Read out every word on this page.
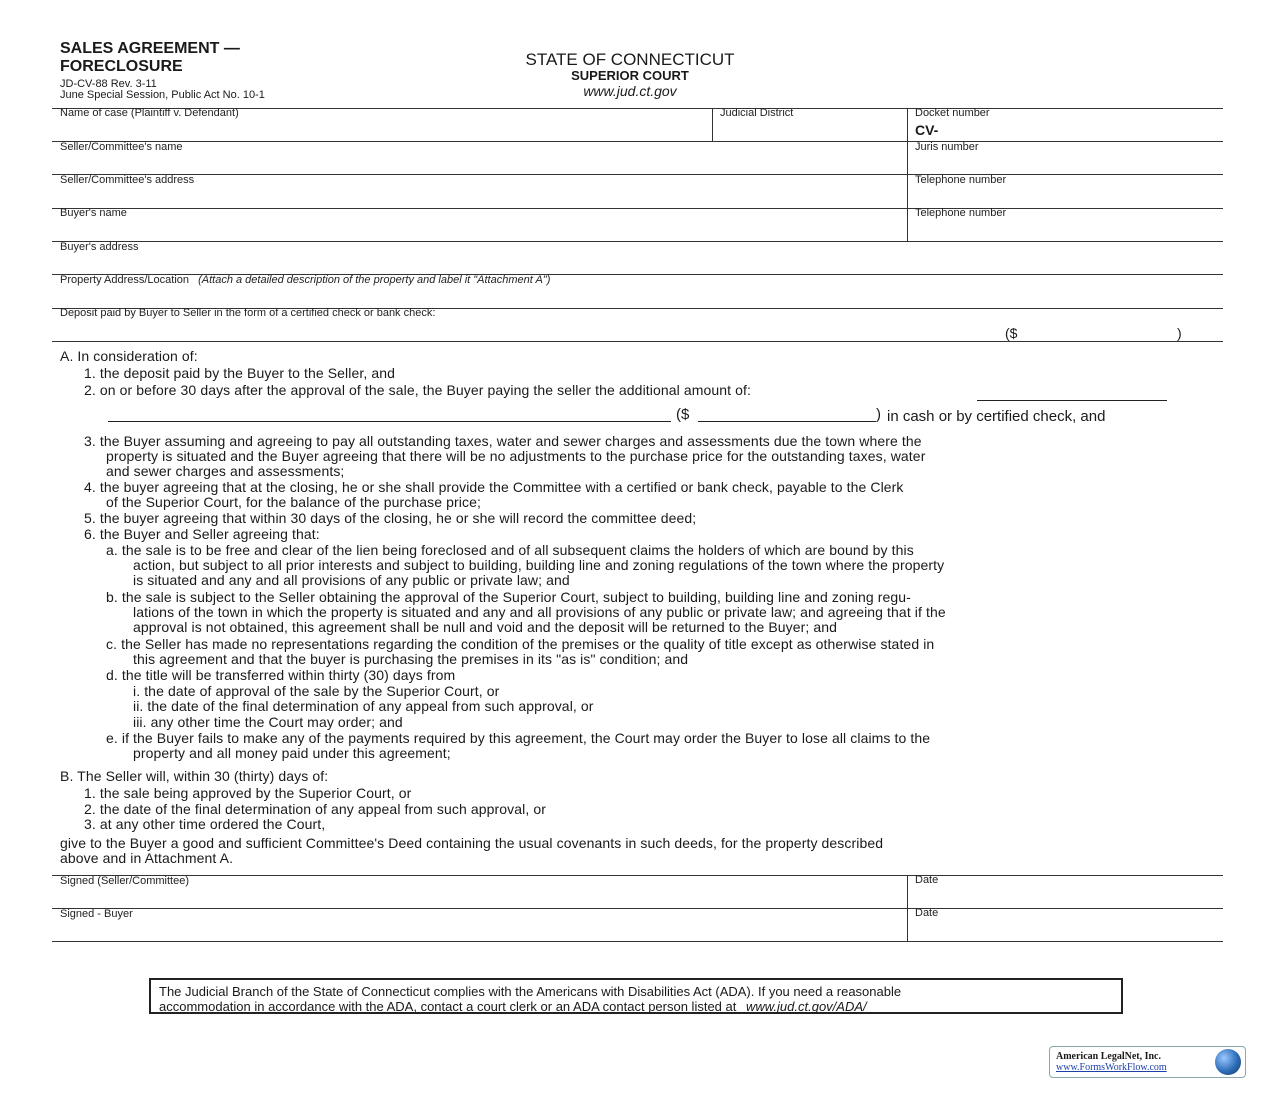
SALES AGREEMENT —
FORECLOSURE
JD-CV-88 Rev. 3-11
June Special Session, Public Act No. 10-1
STATE OF CONNECTICUT
SUPERIOR COURT
www.jud.ct.gov
Name of case (Plaintiff v. Defendant)	Judicial District	Docket number
CV-
Seller/Committee's name	Juris number
Seller/Committee's address	Telephone number
Buyer's name	Telephone number
Buyer's address
Property Address/Location (Attach a detailed description of the property and label it "Attachment A")
Deposit paid by Buyer to Seller in the form of a certified check or bank check:
($	)
A. In consideration of:
1. the deposit paid by the Buyer to the Seller, and
2. on or before 30 days after the approval of the sale, the Buyer paying the seller the additional amount of:
($	) in cash or by certified check, and
3. the Buyer assuming and agreeing to pay all outstanding taxes, water and sewer charges and assessments due the town where the
property is situated and the Buyer agreeing that there will be no adjustments to the purchase price for the outstanding taxes, water
and sewer charges and assessments;
4. the buyer agreeing that at the closing, he or she shall provide the Committee with a certified or bank check, payable to the Clerk
of the Superior Court, for the balance of the purchase price;
5. the buyer agreeing that within 30 days of the closing, he or she will record the committee deed;
6. the Buyer and Seller agreeing that:
a. the sale is to be free and clear of the lien being foreclosed and of all subsequent claims the holders of which are bound by this
action, but subject to all prior interests and subject to building, building line and zoning regulations of the town where the property
is situated and any and all provisions of any public or private law; and
b. the sale is subject to the Seller obtaining the approval of the Superior Court, subject to building, building line and zoning regu-
lations of the town in which the property is situated and any and all provisions of any public or private law; and agreeing that if the
approval is not obtained, this agreement shall be null and void and the deposit will be returned to the Buyer; and
c. the Seller has made no representations regarding the condition of the premises or the quality of title except as otherwise stated in
this agreement and that the buyer is purchasing the premises in its "as is" condition; and
d. the title will be transferred within thirty (30) days from
i. the date of approval of the sale by the Superior Court, or
ii. the date of the final determination of any appeal from such approval, or
iii. any other time the Court may order; and
e. if the Buyer fails to make any of the payments required by this agreement, the Court may order the Buyer to lose all claims to the
property and all money paid under this agreement;
B. The Seller will, within 30 (thirty) days of:
1. the sale being approved by the Superior Court, or
2. the date of the final determination of any appeal from such approval, or
3. at any other time ordered the Court,
give to the Buyer a good and sufficient Committee's Deed containing the usual covenants in such deeds, for the property described
above and in Attachment A.
Signed (Seller/Committee)	Date
Signed - Buyer	Date
The Judicial Branch of the State of Connecticut complies with the Americans with Disabilities Act (ADA). If you need a reasonable
accommodation in accordance with the ADA, contact a court clerk or an ADA contact person listed at www.jud.ct.gov/ADA/
American LegalNet, Inc.
www.FormsWorkFlow.com
